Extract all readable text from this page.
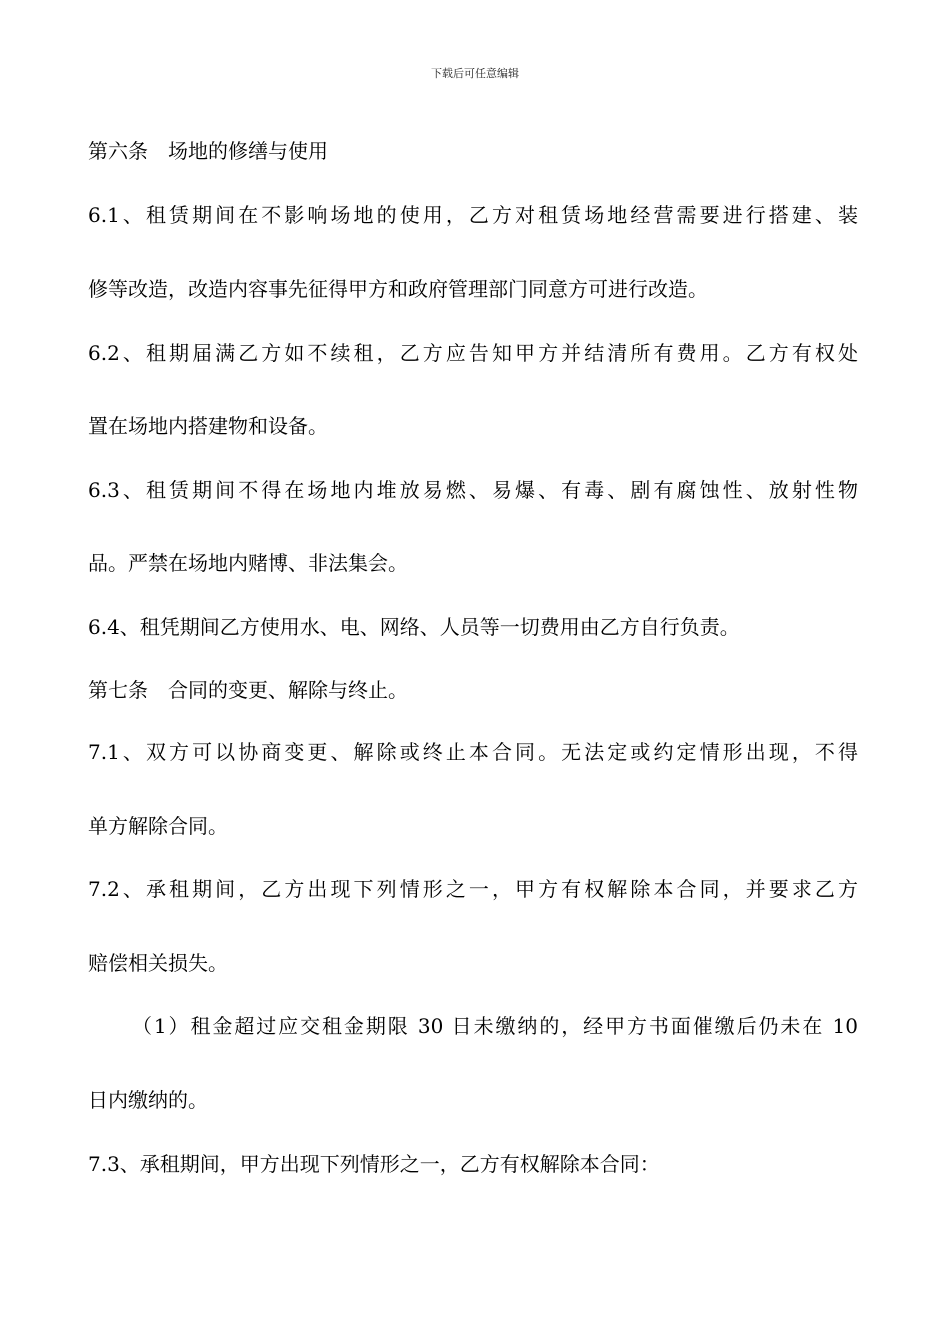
下载后可任意编辑
第六条　场地的修缮与使用
6.1、租赁期间在不影响场地的使用，乙方对租赁场地经营需要进行搭建、装
修等改造，改造内容事先征得甲方和政府管理部门同意方可进行改造。
6.2、租期届满乙方如不续租，乙方应告知甲方并结清所有费用。乙方有权处
置在场地内搭建物和设备。
6.3、租赁期间不得在场地内堆放易燃、易爆、有毒、剧有腐蚀性、放射性物
品。严禁在场地内赌博、非法集会。
6.4、租凭期间乙方使用水、电、网络、人员等一切费用由乙方自行负责。
第七条　合同的变更、解除与终止。
7.1、双方可以协商变更、解除或终止本合同。无法定或约定情形出现，不得
单方解除合同。
7.2、承租期间，乙方出现下列情形之一，甲方有权解除本合同，并要求乙方
赔偿相关损失。
（1）租金超过应交租金期限 30 日未缴纳的，经甲方书面催缴后仍未在 10
日内缴纳的。
7.3、承租期间，甲方出现下列情形之一，乙方有权解除本合同：
